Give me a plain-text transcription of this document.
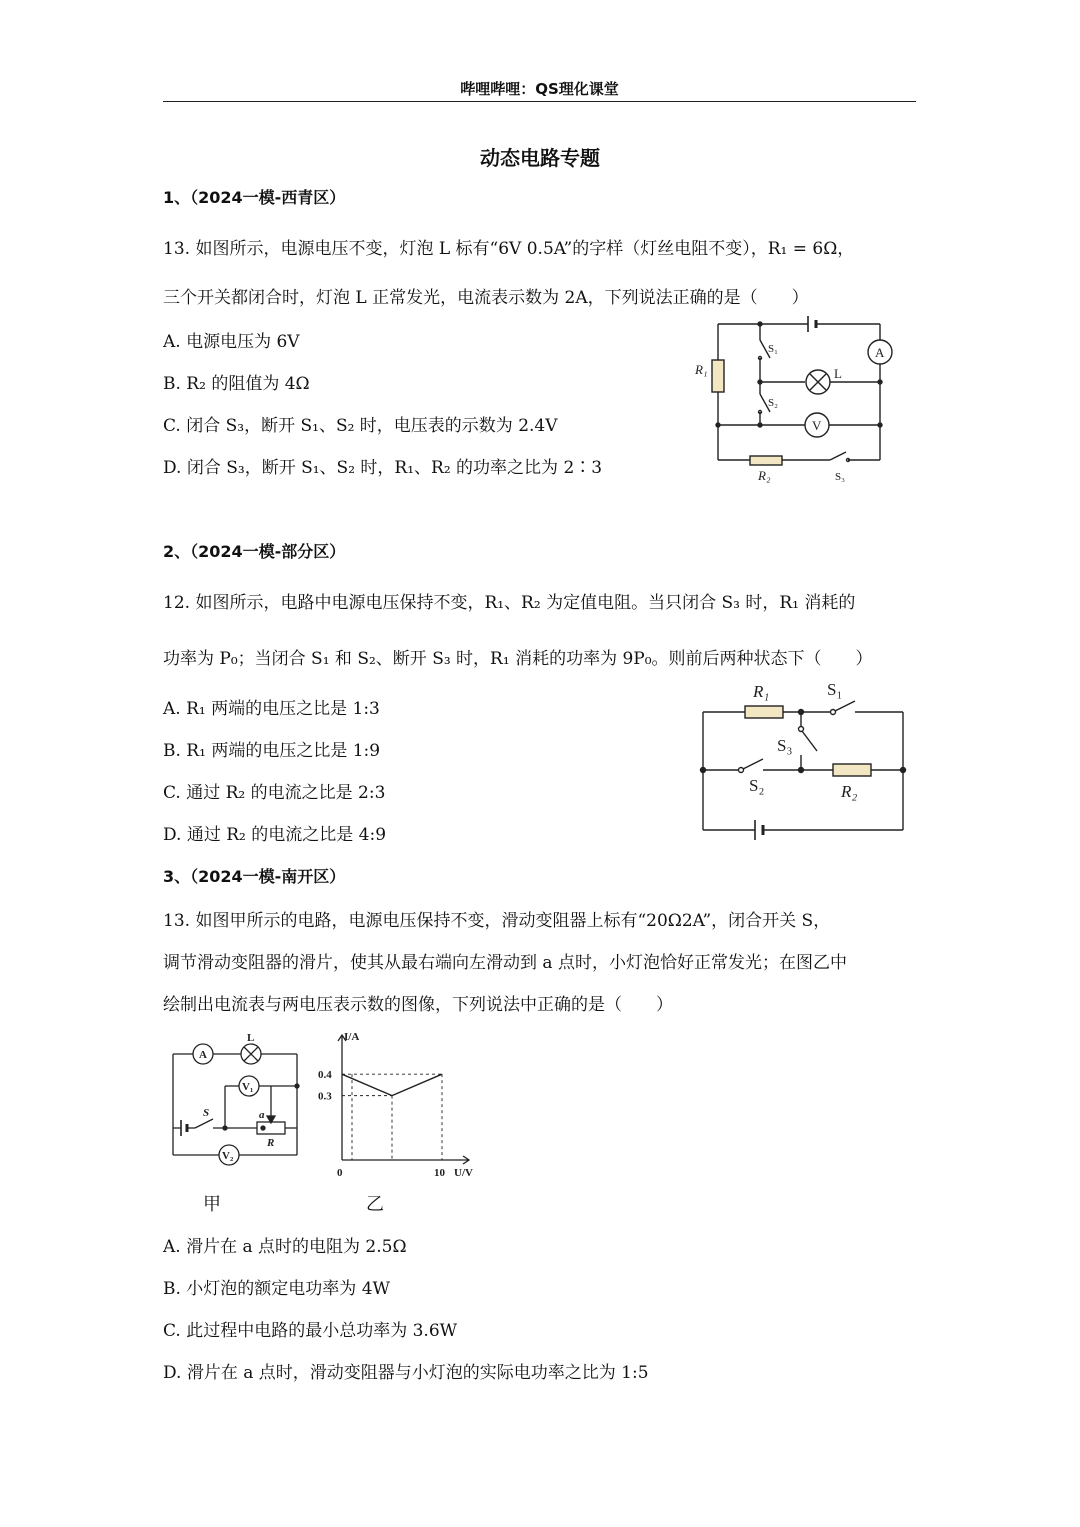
哔哩哔哩：QS理化课堂
动态电路专题
1、（2024一模-西青区）
13. 如图所示，电源电压不变，灯泡 L 标有“6V 0.5A”的字样（灯丝电阻不变），R₁ = 6Ω，
三个开关都闭合时，灯泡 L 正常发光，电流表示数为 2A，下列说法正确的是（　　）
A. 电源电压为 6V
B. R₂ 的阻值为 4Ω
C. 闭合 S₃，断开 S₁、S₂ 时，电压表的示数为 2.4V
D. 闭合 S₃，断开 S₁、S₂ 时，R₁、R₂ 的功率之比为 2∶3
A
L
V
R₁
R₂
S₁
S₂
S₃
2、（2024一模-部分区）
12. 如图所示，电路中电源电压保持不变，R₁、R₂ 为定值电阻。当只闭合 S₃ 时，R₁ 消耗的
功率为 P₀；当闭合 S₁ 和 S₂、断开 S₃ 时，R₁ 消耗的功率为 9P₀。则前后两种状态下（　　）
A. R₁ 两端的电压之比是 1:3
B. R₁ 两端的电压之比是 1:9
C. 通过 R₂ 的电流之比是 2:3
D. 通过 R₂ 的电流之比是 4:9
R₁	S₁
S₃
S₂	R₂
3、（2024一模-南开区）
13. 如图甲所示的电路，电源电压保持不变，滑动变阻器上标有“20Ω2A”，闭合开关 S，
调节滑动变阻器的滑片，使其从最右端向左滑动到 a 点时，小灯泡恰好正常发光；在图乙中
绘制出电流表与两电压表示数的图像，下列说法中正确的是（　　）
A
L
V₁
V₂
S	a
R
I/A
U/V
0	10
0.4
0.3
甲	乙
A. 滑片在 a 点时的电阻为 2.5Ω
B. 小灯泡的额定电功率为 4W
C. 此过程中电路的最小总功率为 3.6W
D. 滑片在 a 点时，滑动变阻器与小灯泡的实际电功率之比为 1:5
